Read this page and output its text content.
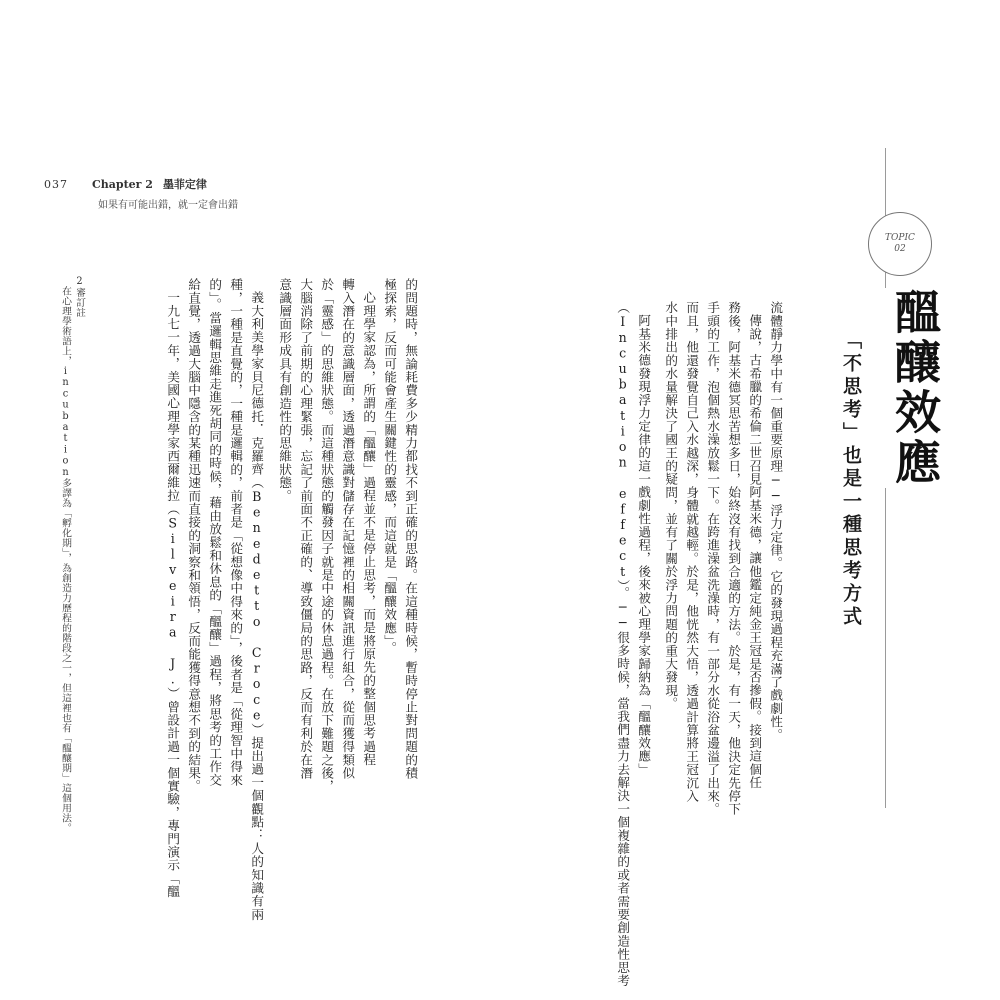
037 Chapter 2 墨菲定律
如果有可能出錯，就一定會出錯
2審訂註
在心理學術語上，incubation多譯為「孵化期」，為創造力歷程的階段之一，但這裡也有「醞釀期」這個用法。	的問題時，無論耗費多少精力都找不到正確的思路。在這種時候，暫時停止對問題的積
極探索，反而可能會產生關鍵性的靈感，而這就是「醞釀效應」。
心理學家認為，所謂的「醞釀」過程並不是停止思考，而是將原先的整個思考過程
轉入潛在的意識層面，透過潛意識對儲存在記憶裡的相關資訊進行組合，從而獲得類似
於「靈感」的思維狀態。而這種狀態的觸發因子就是中途的休息過程。在放下難題之後，
大腦消除了前期的心理緊張，忘記了前面不正確的、導致僵局的思路，反而有利於在潛
意識層面形成具有創造性的思維狀態。
義大利美學家貝尼德托．克羅齊（Benedetto Croce）提出過一個觀點：人的知識有兩
種，一種是直覺的，一種是邏輯的，前者是「從想像中得來的」，後者是「從理智中得來
的」。當邏輯思維走進死胡同的時候，藉由放鬆和休息的「醞釀」過程，將思考的工作交
給直覺，透過大腦中隱含的某種迅速而直接的洞察和領悟，反而能獲得意想不到的結果。
一九七一年，美國心理學家西爾維拉（Silveira J.）曾設計過一個實驗，專門演示「醞	流體靜力學中有一個重要原理──浮力定律。它的發現過程充滿了戲劇性。
傳說，古希臘的希倫二世召見阿基米德，讓他鑑定純金王冠是否摻假。接到這個任
務後，阿基米德冥思苦想多日，始終沒有找到合適的方法。於是，有一天，他決定先停下
手頭的工作，泡個熱水澡放鬆一下。在跨進澡盆洗澡時，有一部分水從浴盆邊溢了出來。
而且，他還發覺自己入水越深，身體就越輕。於是，他恍然大悟，透過計算將王冠沉入
水中排出的水量解決了國王的疑問，並有了關於浮力問題的重大發現。
阿基米德發現浮力定律的這一戲劇性過程，後來被心理學家歸納為「醞釀效應」
（Incubation effect）。──很多時候，當我們盡力去解決一個複雜的或者需要創造性思考
TOPIC
02
醞釀效應
「不思考」也是一種思考方式
